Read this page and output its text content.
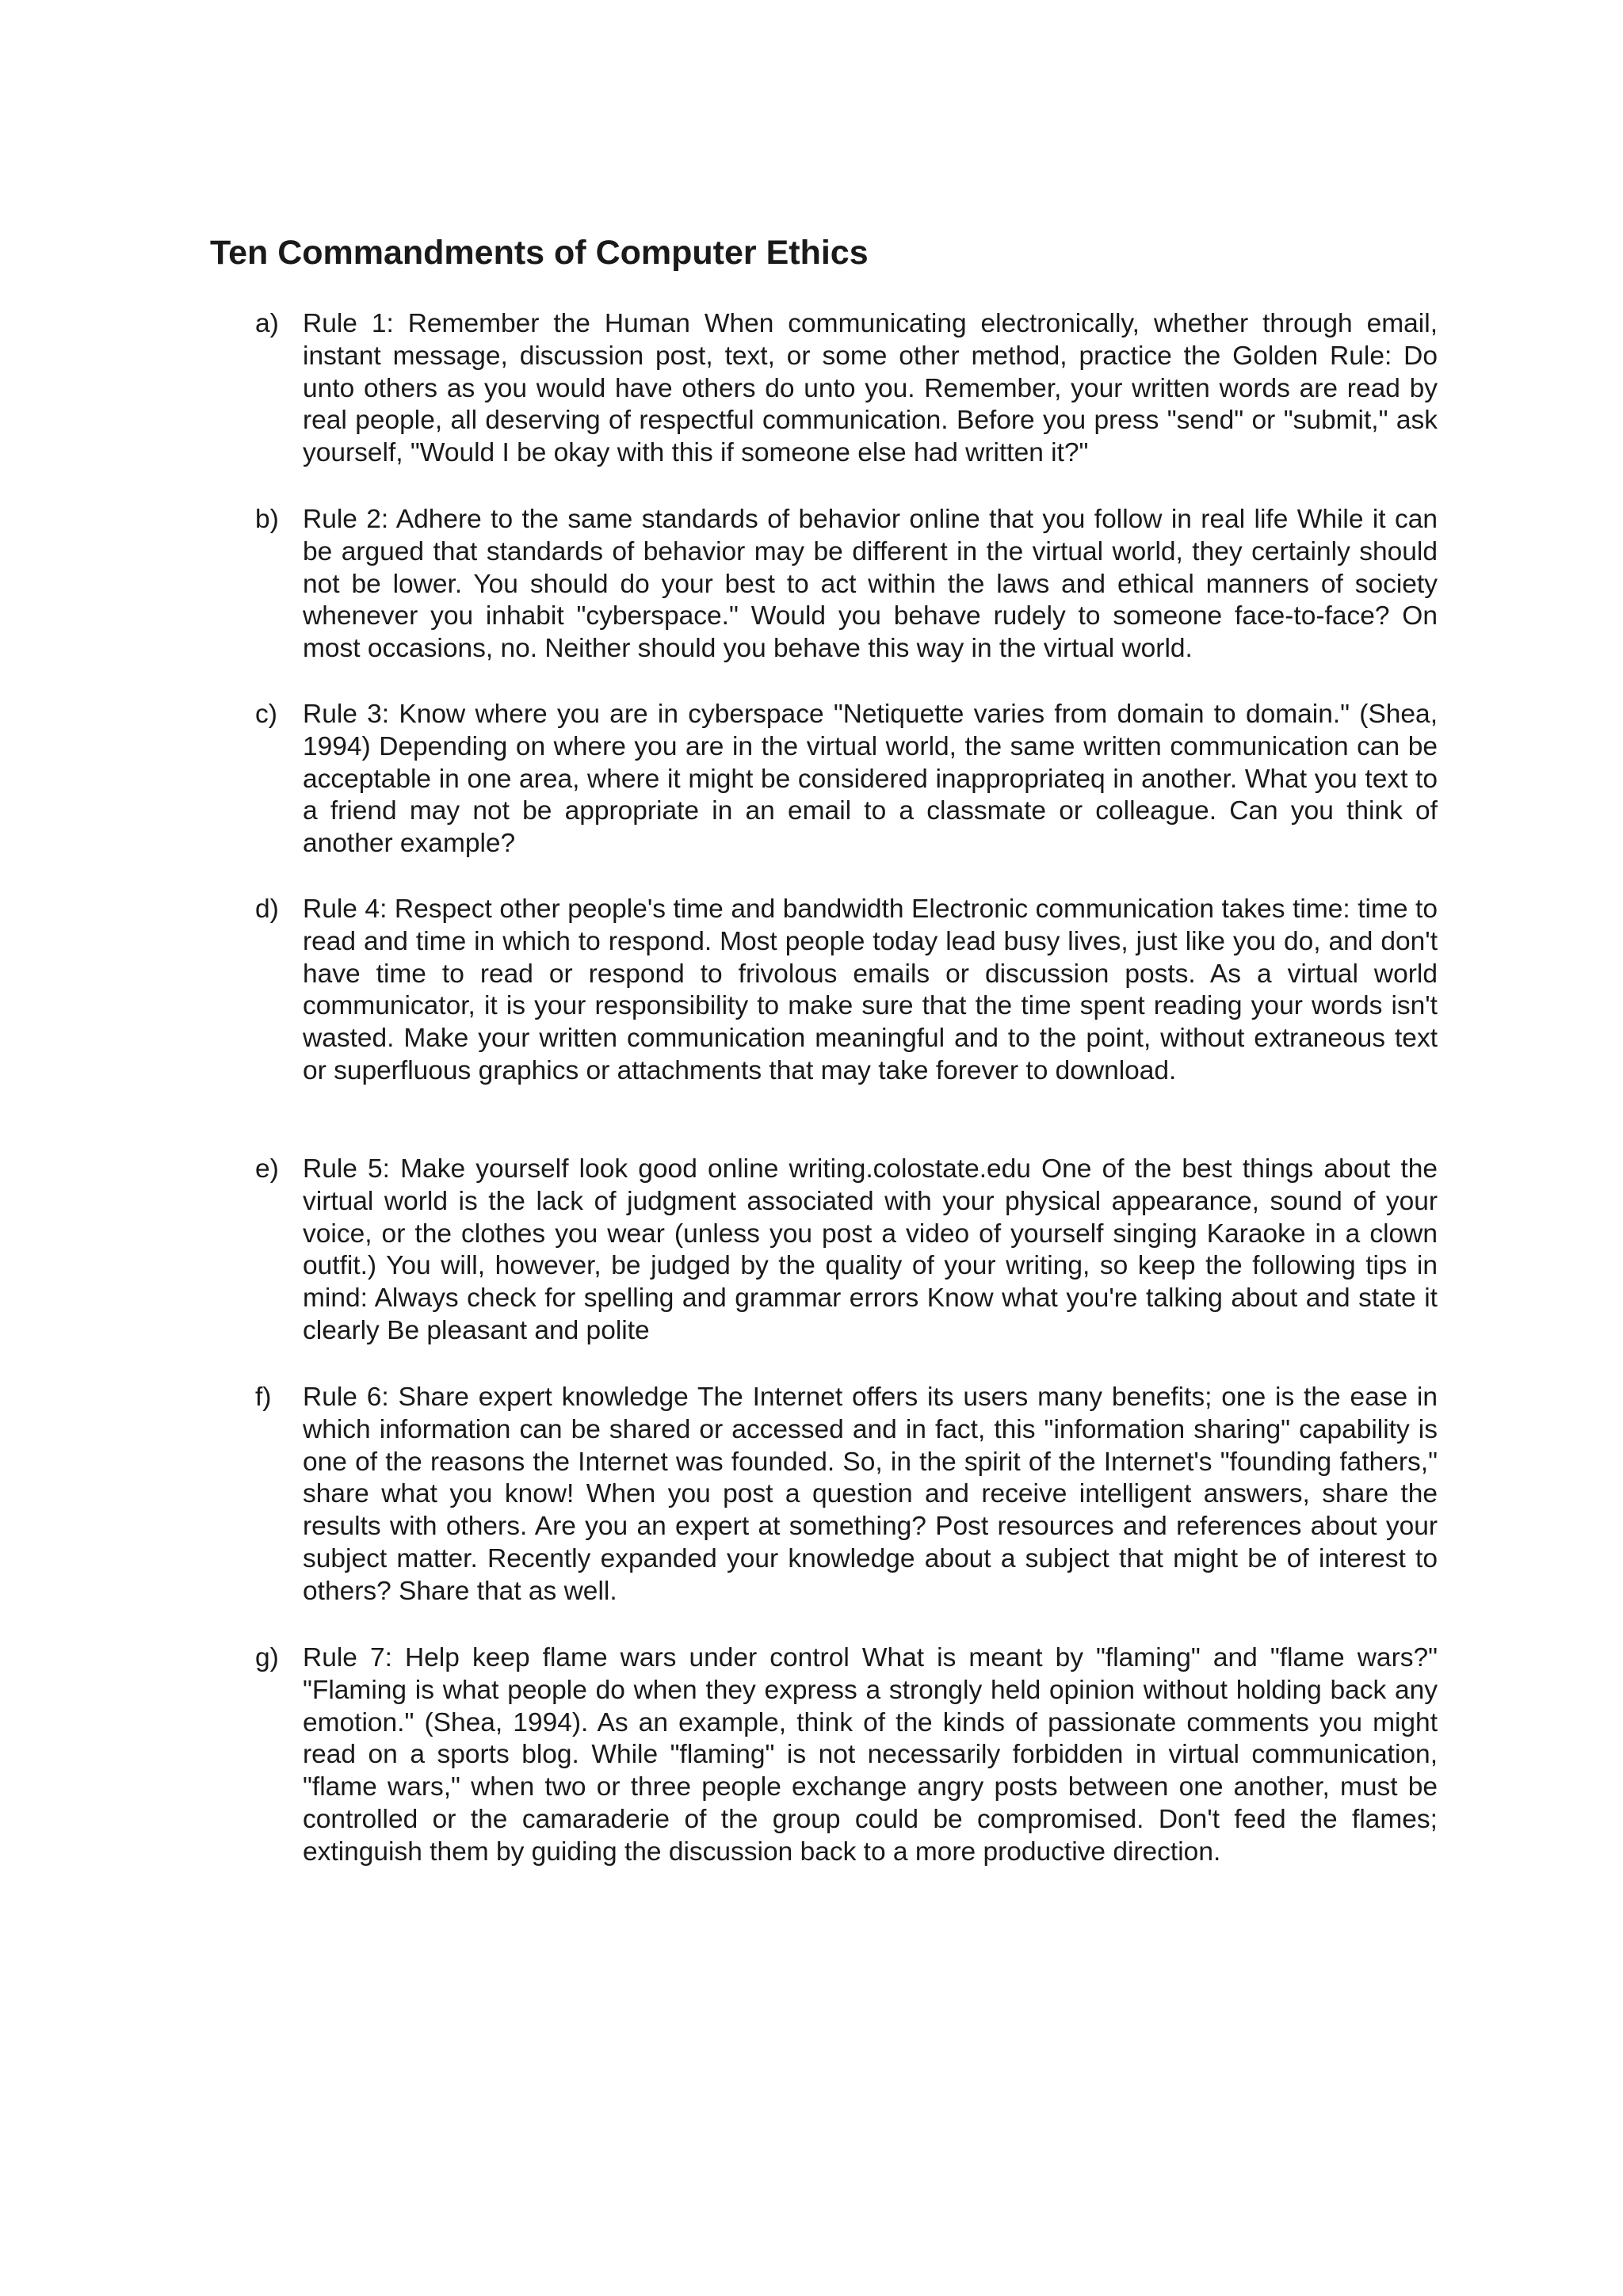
Ten Commandments of Computer Ethics
a) Rule 1: Remember the Human When communicating electronically, whether through email, instant message, discussion post, text, or some other method, practice the Golden Rule: Do unto others as you would have others do unto you. Remember, your written words are read by real people, all deserving of respectful communication. Before you press "send" or "submit," ask yourself, "Would I be okay with this if someone else had written it?"

b) Rule 2: Adhere to the same standards of behavior online that you follow in real life While it can be argued that standards of behavior may be different in the virtual world, they certainly should not be lower. You should do your best to act within the laws and ethical manners of society whenever you inhabit "cyberspace." Would you behave rudely to someone face-to-face? On most occasions, no. Neither should you behave this way in the virtual world.

c) Rule 3: Know where you are in cyberspace "Netiquette varies from domain to domain." (Shea, 1994) Depending on where you are in the virtual world, the same written communication can be acceptable in one area, where it might be considered inappropriateq in another. What you text to a friend may not be appropriate in an email to a classmate or colleague. Can you think of another example?

d) Rule 4: Respect other people's time and bandwidth Electronic communication takes time: time to read and time in which to respond. Most people today lead busy lives, just like you do, and don't have time to read or respond to frivolous emails or discussion posts. As a virtual world communicator, it is your responsibility to make sure that the time spent reading your words isn't wasted. Make your written communication meaningful and to the point, without extraneous text or superfluous graphics or attachments that may take forever to download.

e) Rule 5: Make yourself look good online writing.colostate.edu One of the best things about the virtual world is the lack of judgment associated with your physical appearance, sound of your voice, or the clothes you wear (unless you post a video of yourself singing Karaoke in a clown outfit.) You will, however, be judged by the quality of your writing, so keep the following tips in mind: Always check for spelling and grammar errors Know what you're talking about and state it clearly Be pleasant and polite

f) Rule 6: Share expert knowledge The Internet offers its users many benefits; one is the ease in which information can be shared or accessed and in fact, this "information sharing" capability is one of the reasons the Internet was founded. So, in the spirit of the Internet's "founding fathers," share what you know! When you post a question and receive intelligent answers, share the results with others. Are you an expert at something? Post resources and references about your subject matter. Recently expanded your knowledge about a subject that might be of interest to others? Share that as well.

g) Rule 7: Help keep flame wars under control What is meant by "flaming" and "flame wars?" "Flaming is what people do when they express a strongly held opinion without holding back any emotion." (Shea, 1994). As an example, think of the kinds of passionate comments you might read on a sports blog. While "flaming" is not necessarily forbidden in virtual communication, "flame wars," when two or three people exchange angry posts between one another, must be controlled or the camaraderie of the group could be compromised. Don't feed the flames; extinguish them by guiding the discussion back to a more productive direction.
